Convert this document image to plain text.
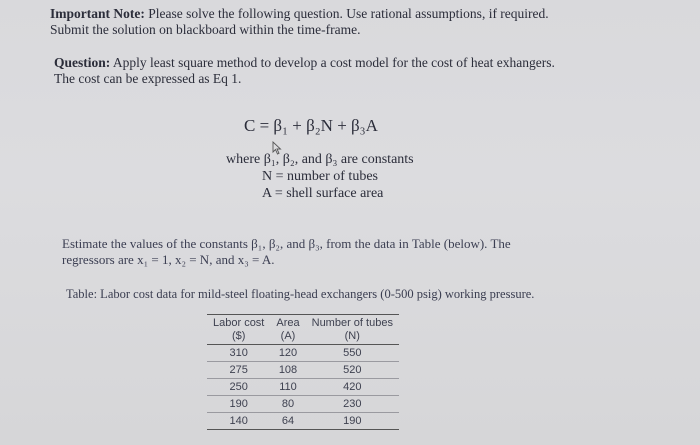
Important Note: Please solve the following question. Use rational assumptions, if required.
Submit the solution on blackboard within the time-frame.
Question: Apply least square method to develop a cost model for the cost of heat exhangers.
The cost can be expressed as Eq 1.
C = β₁ + β₂N + β₃A
where β₁, β₂, and β₃ are constants
N = number of tubes
A = shell surface area
Estimate the values of the constants β₁, β₂, and β₃, from the data in Table (below). The
regressors are x₁ = 1, x₂ = N, and x₃ = A.
Table: Labor cost data for mild-steel floating-head exchangers (0-500 psig) working pressure.
Labor cost	Area	Number of tubes
($)	(A)	(N)
310	120	550
275	108	520
250	110	420
190	80	230
140	64	190
